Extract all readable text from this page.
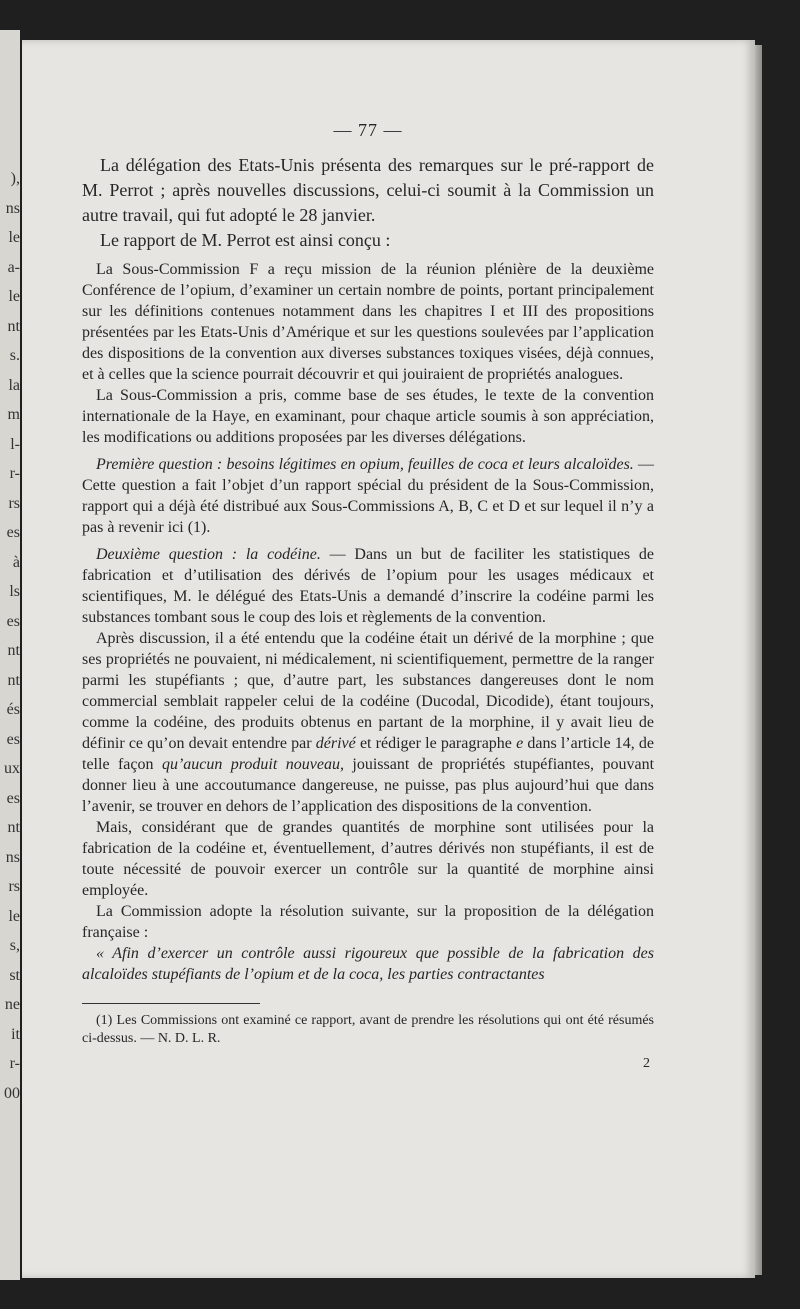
),
ns
le
a-
le
nt
s.
la
m
l-
r-
rs
es
à
ls
es
nt
nt
és
es
ux
es
nt
ns
rs
le
s,
st
ne
it
r-
00

— 77 —

La délégation des Etats-Unis présenta des remarques sur le pré-rapport de M. Perrot ; après nouvelles discussions, celui-ci soumit à la Commission un autre travail, qui fut adopté le 28 janvier.

Le rapport de M. Perrot est ainsi conçu :

La Sous-Commission F a reçu mission de la réunion plénière de la deuxième Conférence de l’opium, d’examiner un certain nombre de points, portant principalement sur les définitions contenues notamment dans les chapitres I et III des propositions présentées par les Etats-Unis d’Amérique et sur les questions soulevées par l’application des dispositions de la convention aux diverses substances toxiques visées, déjà connues, et à celles que la science pourrait découvrir et qui jouiraient de propriétés analogues.

La Sous-Commission a pris, comme base de ses études, le texte de la convention internationale de la Haye, en examinant, pour chaque article soumis à son appréciation, les modifications ou additions proposées par les diverses délégations.

Première question : besoins légitimes en opium, feuilles de coca et leurs alcaloïdes. — Cette question a fait l’objet d’un rapport spécial du président de la Sous-Commission, rapport qui a déjà été distribué aux Sous-Commissions A, B, C et D et sur lequel il n’y a pas à revenir ici (1).

Deuxième question : la codéine. — Dans un but de faciliter les statistiques de fabrication et d’utilisation des dérivés de l’opium pour les usages médicaux et scientifiques, M. le délégué des Etats-Unis a demandé d’inscrire la codéine parmi les substances tombant sous le coup des lois et règlements de la convention.

Après discussion, il a été entendu que la codéine était un dérivé de la morphine ; que ses propriétés ne pouvaient, ni médicalement, ni scientifiquement, permettre de la ranger parmi les stupéfiants ; que, d’autre part, les substances dangereuses dont le nom commercial semblait rappeler celui de la codéine (Ducodal, Dicodide), étant toujours, comme la codéine, des produits obtenus en partant de la morphine, il y avait lieu de définir ce qu’on devait entendre par dérivé et rédiger le paragraphe e dans l’article 14, de telle façon qu’aucun produit nouveau, jouissant de propriétés stupéfiantes, pouvant donner lieu à une accoutumance dangereuse, ne puisse, pas plus aujourd’hui que dans l’avenir, se trouver en dehors de l’application des dispositions de la convention.

Mais, considérant que de grandes quantités de morphine sont utilisées pour la fabrication de la codéine et, éventuellement, d’autres dérivés non stupéfiants, il est de toute nécessité de pouvoir exercer un contrôle sur la quantité de morphine ainsi employée.

La Commission adopte la résolution suivante, sur la proposition de la délégation française :

« Afin d’exercer un contrôle aussi rigoureux que possible de la fabrication des alcaloïdes stupéfiants de l’opium et de la coca, les parties contractantes

(1) Les Commissions ont examiné ce rapport, avant de prendre les résolutions qui ont été résumés ci-dessus. — N. D. L. R.

2
